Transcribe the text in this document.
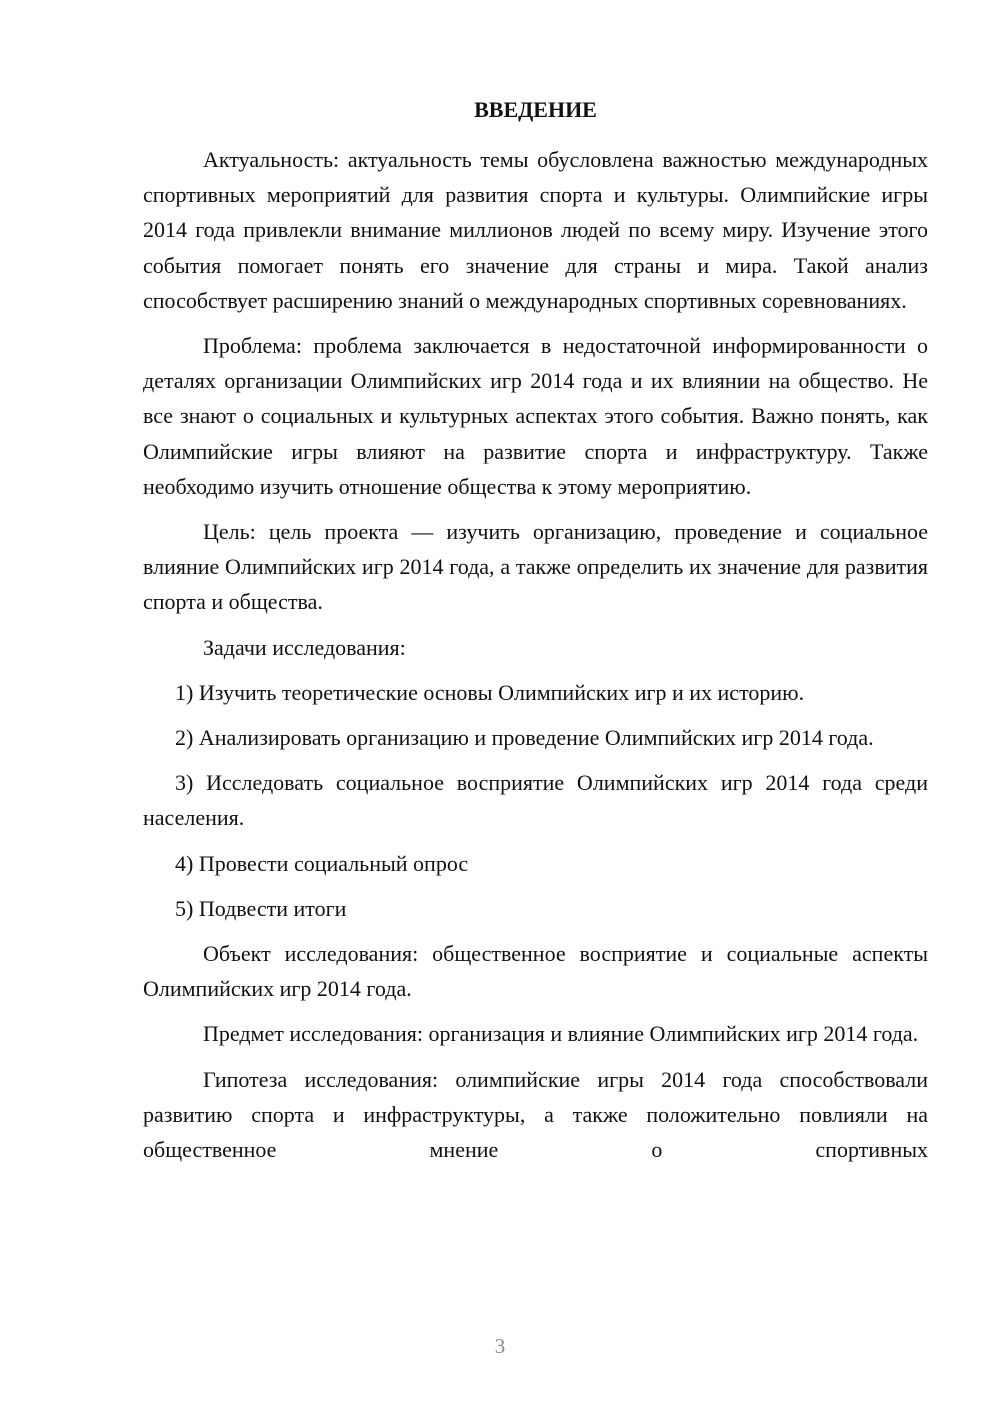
ВВЕДЕНИЕ

Актуальность: актуальность темы обусловлена важностью международных спортивных мероприятий для развития спорта и культуры. Олимпийские игры 2014 года привлекли внимание миллионов людей по всему миру. Изучение этого события помогает понять его значение для страны и мира. Такой анализ способствует расширению знаний о международных спортивных соревнованиях.

Проблема: проблема заключается в недостаточной информированности о деталях организации Олимпийских игр 2014 года и их влиянии на общество. Не все знают о социальных и культурных аспектах этого события. Важно понять, как Олимпийские игры влияют на развитие спорта и инфраструктуру. Также необходимо изучить отношение общества к этому мероприятию.

Цель: цель проекта — изучить организацию, проведение и социальное влияние Олимпийских игр 2014 года, а также определить их значение для развития спорта и общества.

Задачи исследования:

1) Изучить теоретические основы Олимпийских игр и их историю.

2) Анализировать организацию и проведение Олимпийских игр 2014 года.

3) Исследовать социальное восприятие Олимпийских игр 2014 года среди населения.

4) Провести социальный опрос

5) Подвести итоги

Объект исследования: общественное восприятие и социальные аспекты Олимпийских игр 2014 года.

Предмет исследования: организация и влияние Олимпийских игр 2014 года.

Гипотеза исследования: олимпийские игры 2014 года способствовали развитию спорта и инфраструктуры, а также положительно повлияли на общественное мнение о спортивных

3
